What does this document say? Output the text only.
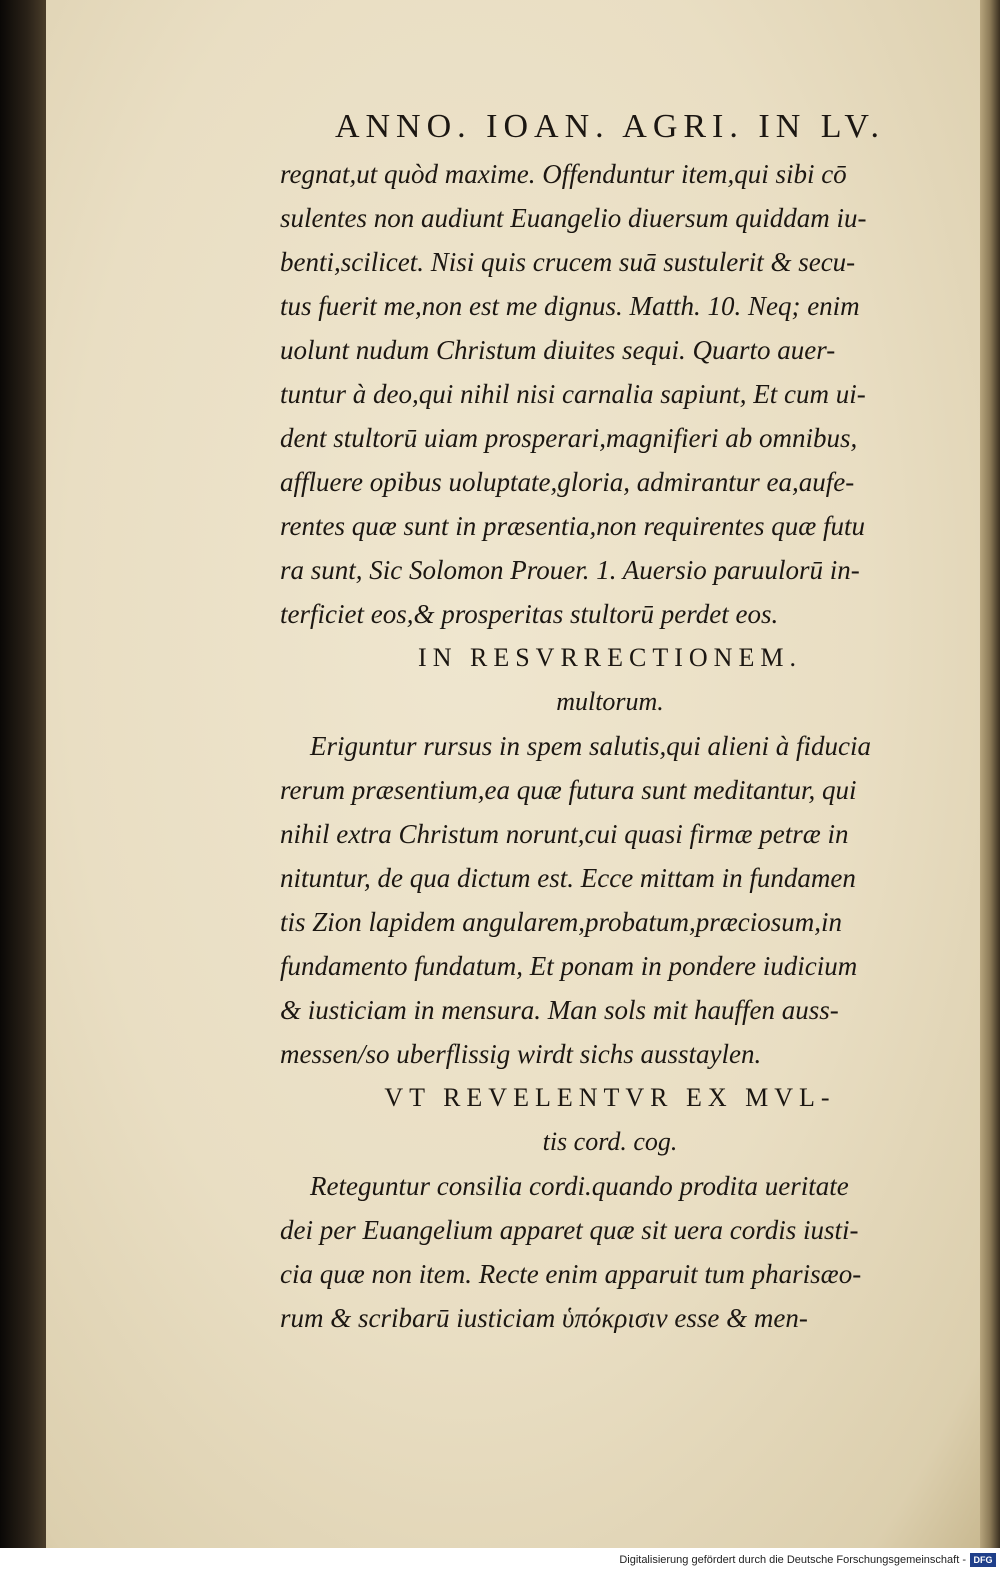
ANNO. IOAN. AGRI. IN LV.
regnat,ut quòd maxime. Offenduntur item,qui sibi cō
sulentes non audiunt Euangelio diuersum quiddam iu-
benti,scilicet. Nisi quis crucem suā sustulerit & secu-
tus fuerit me,non est me dignus. Matth. 10. Neq; enim
uolunt nudum Christum diuites sequi. Quarto auer-
tuntur à deo,qui nihil nisi carnalia sapiunt, Et cum ui-
dent stultorū uiam prosperari,magnifieri ab omnibus,
affluere opibus uoluptate,gloria, admirantur ea,aufe-
rentes quæ sunt in præsentia,non requirentes quæ futu
ra sunt, Sic Solomon Prouer. 1. Auersio paruulorū in-
terficiet eos,& prosperitas stultorū perdet eos.
IN RESVRRECTIONEM.
multorum.
Eriguntur rursus in spem salutis,qui alieni à fiducia
rerum præsentium,ea quæ futura sunt meditantur, qui
nihil extra Christum norunt,cui quasi firmæ petræ in
nituntur, de qua dictum est. Ecce mittam in fundamen
tis Zion lapidem angularem,probatum,præciosum,in
fundamento fundatum, Et ponam in pondere iudicium
& iusticiam in mensura. Man sols mit hauffen auss-
messen/so uberflissig wirdt sichs ausstaylen.
VT REVELENTVR EX MVL-
tis cord. cog.
Reteguntur consilia cordi.quando prodita ueritate
dei per Euangelium apparet quæ sit uera cordis iusti-
cia quæ non item. Recte enim apparuit tum pharisæo-
rum & scribarū iusticiam ὑπόκρισιν esse & men-
Digitalisierung gefördert durch die Deutsche Forschungsgemeinschaft - DFG
